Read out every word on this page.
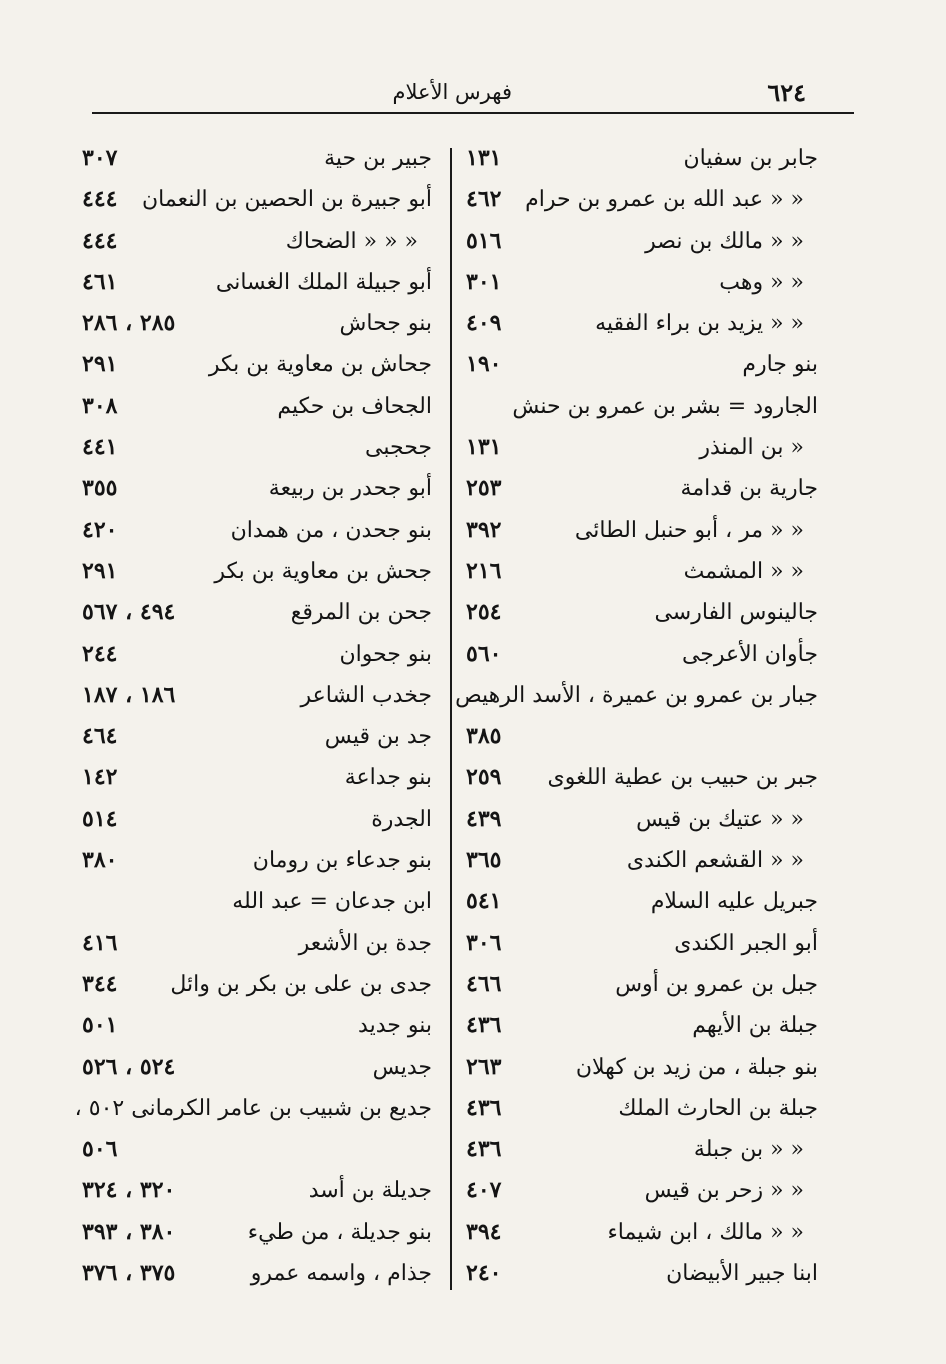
٦٢٤
فهرس الأعلام
جابر بن سفيان
١٣١
« « عبد الله بن عمرو بن حرام
٤٦٢
« « مالك بن نصر
٥١٦
« « وهب
٣٠١
« « يزيد بن براء الفقيه
٤٠٩
بنو جارم
١٩٠
الجارود = بشر بن عمرو بن حنش
« بن المنذر
١٣١
جارية بن قدامة
٢٥٣
« « مر ، أبو حنبل الطائى
٣٩٢
« « المشمث
٢١٦
جالينوس الفارسى
٢٥٤
جأوان الأعرجى
٥٦٠
جبار بن عمرو بن عميرة ، الأسد الرهيص
٣٨٥
جبر بن حبيب بن عطية اللغوى
٢٥٩
« « عتيك بن قيس
٤٣٩
« « القشعم الكندى
٣٦٥
جبريل عليه السلام
٥٤١
أبو الجبر الكندى
٣٠٦
جبل بن عمرو بن أوس
٤٦٦
جبلة بن الأيهم
٤٣٦
بنو جبلة ، من زيد بن كهلان
٢٦٣
جبلة بن الحارث الملك
٤٣٦
« « بن جبلة
٤٣٦
« « زحر بن قيس
٤٠٧
« « مالك ، ابن شيماء
٣٩٤
ابنا جبير الأبيضان
٢٤٠
جبير بن حية
٣٠٧
أبو جبيرة بن الحصين بن النعمان
٤٤٤
« « « الضحاك
٤٤٤
أبو جبيلة الملك الغسانى
٤٦١
بنو جحاش
٢٨٥ ، ٢٨٦
جحاش بن معاوية بن بكر
٢٩١
الجحاف بن حكيم
٣٠٨
جحجبى
٤٤١
أبو جحدر بن ربيعة
٣٥٥
بنو جحدن ، من همدان
٤٢٠
جحش بن معاوية بن بكر
٢٩١
جحن بن المرقع
٤٩٤ ، ٥٦٧
بنو جحوان
٢٤٤
جخدب الشاعر
١٨٦ ، ١٨٧
جد بن قيس
٤٦٤
بنو جداعة
١٤٢
الجدرة
٥١٤
بنو جدعاء بن رومان
٣٨٠
ابن جدعان = عبد الله
جدة بن الأشعر
٤١٦
جدى بن على بن بكر بن وائل
٣٤٤
بنو جديد
٥٠١
جديس
٥٢٤ ، ٥٢٦
جديع بن شبيب بن عامر الكرمانى ٥٠٢ ،
٥٠٦
جديلة بن أسد
٣٢٠ ، ٣٢٤
بنو جديلة ، من طيء
٣٨٠ ، ٣٩٣
جذام ، واسمه عمرو
٣٧٥ ، ٣٧٦
